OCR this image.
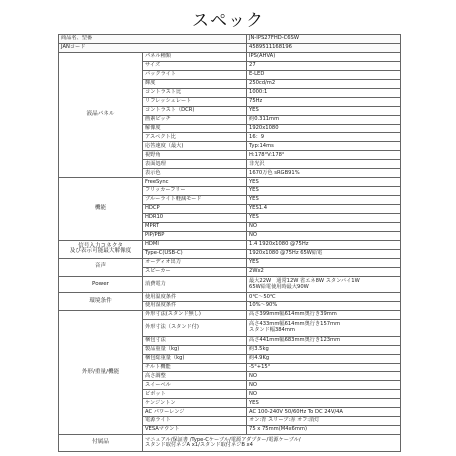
スペック
商品名、型番		JN-IPS27FHD-C6SW
JANコード		4589511168196
液晶パネル	パネル種類	IPS(AHVA)
	サイズ	27
	バックライト	E-LED
	輝度	250cd/m2
	コントラスト比	1000:1
	リフレッシュレート	75Hz
	コントラスト（DCR)	YES
	画素ピッチ	約0.311mm
	解像度	1920x1080
	アスペクト比	16：9
	応答速度（最大)	Typ:14ms
	視野角	H:178°V:178°
	表面処理	非光沢
	表示色	1670万色 sRGB91%
機能	FreeSync	YES
	フリッカーフリー	YES
	ブルーライト軽減モード	YES
	HDCP	YES1.4
	HDR10	YES
	MPRT	NO
	PIP/PBP	NO
信号入力コネクタ
及び表示可能最大解像度	HDMI	1.4 1920x1080 @75Hz
	Type-C(USB-C)	1920x1080 @75Hz 65W給電
音声	オーディオ出力	YES
	スピーカー	2Wx2
Power	消費電力	最大22W　通常12W 省エネ8W スタンバイ1W
65W給電使用時最大90W
環境条件	使用温度条件	0℃～50℃
	使用湿度条件	10%～90%
外形/重量/機能	外形寸法(スタンド無し)	高さ399mm幅614mm奥行き39mm
	外形寸法（スタンド付)	高さ433mm幅614mm奥行き157mm
スタンド幅384mm
	梱包寸法	高さ441mm幅683mm奥行き123mm
	製品重量（kg)	約3.5kg
	梱包総重量（kg)	約4.9Kg
	チルト機能	-5°+15°
	高さ調整	NO
	スイーベル	NO
	ピボット	NO
	ケンジントン	YES
	AC パワーレンジ	AC 100-240V 50/60Hz To DC 24V/4A
	電源ライト	オン:青 スリープ:赤 オフ:消灯
	VESAマウント	75 x 75mm(M4x6mm)
付属品	マニュアル/保証書 /Type-Cケーブル/電源アダプター/電源ケーブル/
スタンド取付ネジA x1/スタンド取付ネジB x4	
